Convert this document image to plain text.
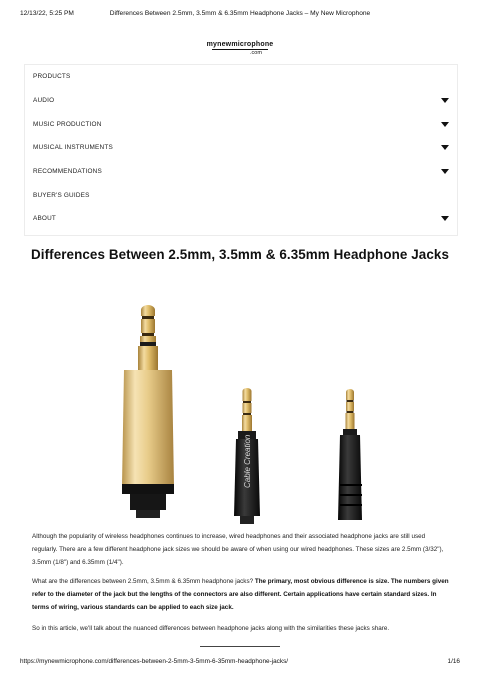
12/13/22, 5:25 PM	Differences Between 2.5mm, 3.5mm & 6.35mm Headphone Jacks – My New Microphone
mynewmicrophone
.com
PRODUCTS
AUDIO
MUSIC PRODUCTION
MUSICAL INSTRUMENTS
RECOMMENDATIONS
BUYER'S GUIDES
ABOUT
Differences Between 2.5mm, 3.5mm & 6.35mm Headphone Jacks
Cable Creation

Although the popularity of wireless headphones continues to increase, wired headphones and their associated headphone jacks are still used regularly. There are a few different headphone jack sizes we should be aware of when using our wired headphones. These sizes are 2.5mm (3/32"), 3.5mm (1/8") and 6.35mm (1/4").

What are the differences between 2.5mm, 3.5mm & 6.35mm headphone jacks? The primary, most obvious difference is size. The numbers given refer to the diameter of the jack but the lengths of the connectors are also different. Certain applications have certain standard sizes. In terms of wiring, various standards can be applied to each size jack.

So in this article, we'll talk about the nuanced differences between headphone jacks along with the similarities these jacks share.

https://mynewmicrophone.com/differences-between-2-5mm-3-5mm-6-35mm-headphone-jacks/	1/16
